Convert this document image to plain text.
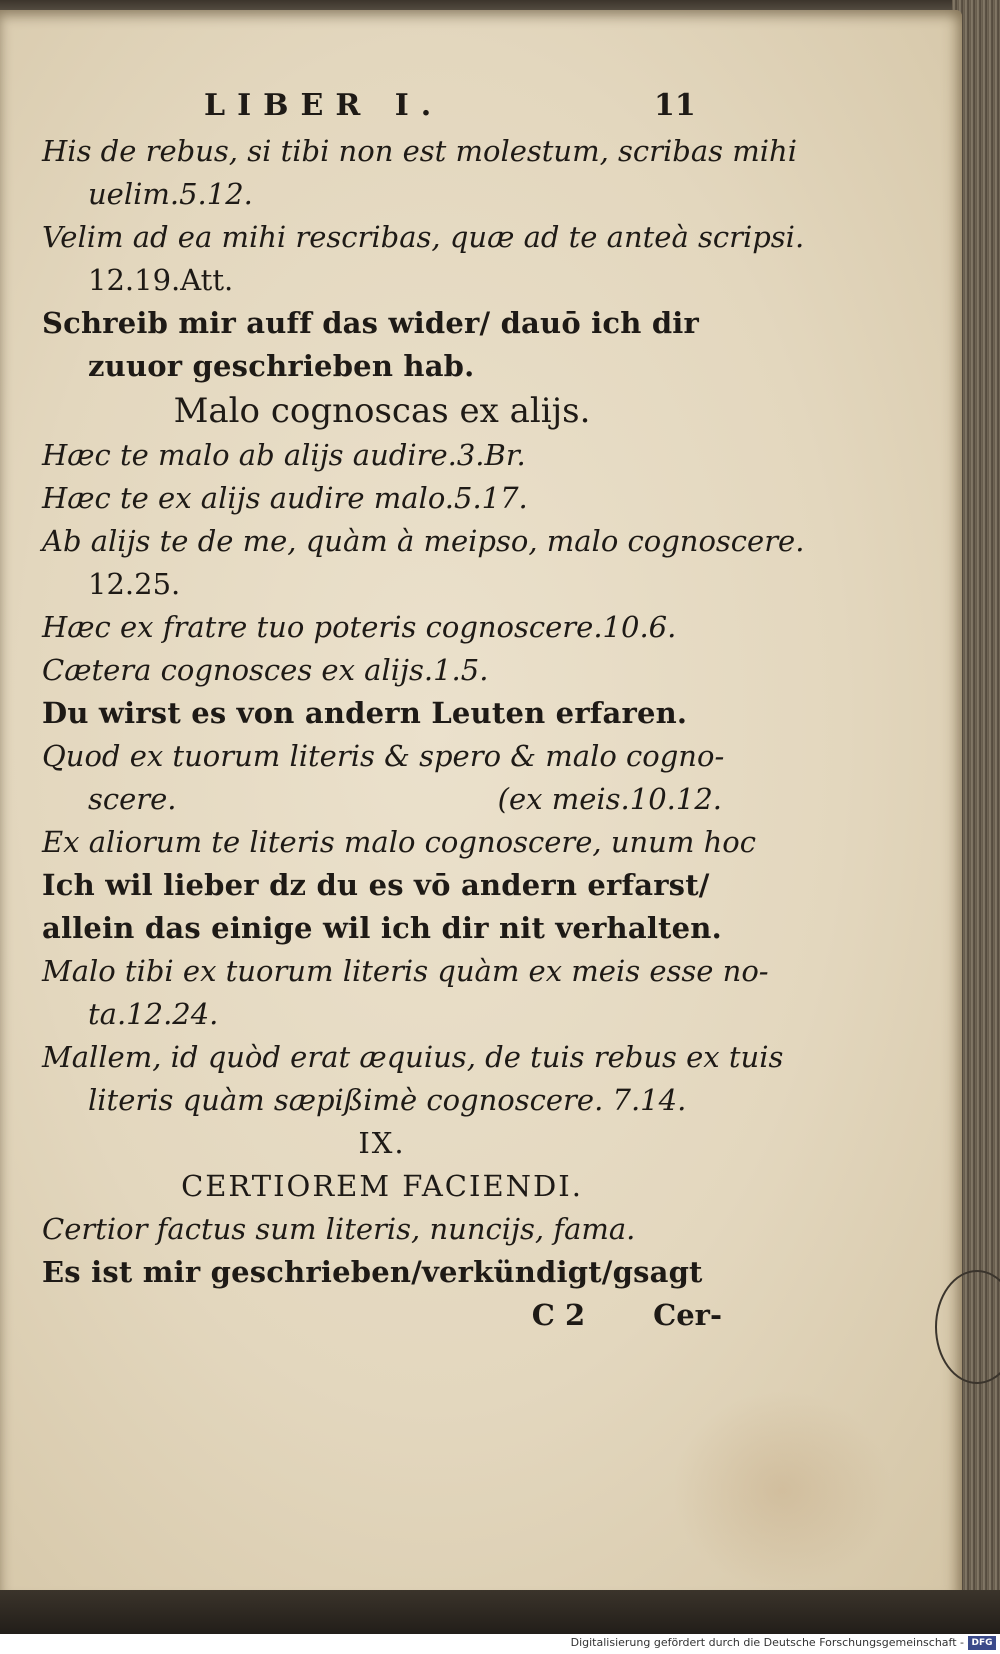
LIBER I.	11
His de rebus, si tibi non est molestum, scribas mihi
uelim.5.12.
Velim ad ea mihi rescribas, quæ ad te anteà scripsi.
12.19.Att.
Schreib mir auff das wider/ dauō ich dir
zuuor geschrieben hab.
Malo cognoscas ex alijs.
Hæc te malo ab alijs audire.3.Br.
Hæc te ex alijs audire malo.5.17.
Ab alijs te de me, quàm à meipso, malo cognoscere.
12.25.
Hæc ex fratre tuo poteris cognoscere.10.6.
Cætera cognosces ex alijs.1.5.
Du wirst es von andern Leuten erfaren.
Quod ex tuorum literis & spero & malo cogno-
scere.	(ex meis.10.12.
Ex aliorum te literis malo cognoscere, unum hoc
Ich wil lieber dz du es vō andern erfarst/
allein das einige wil ich dir nit verhalten.
Malo tibi ex tuorum literis quàm ex meis esse no-
ta.12.24.
Mallem, id quòd erat æquius, de tuis rebus ex tuis
literis quàm sæpißimè cognoscere. 7.14.
IX.
CERTIOREM FACIENDI.
Certior factus sum literis, nuncijs, fama.
Es ist mir geschrieben/verkündigt/gsagt
C 2 Cer-
Digitalisierung gefördert durch die Deutsche Forschungsgemeinschaft - DFG
